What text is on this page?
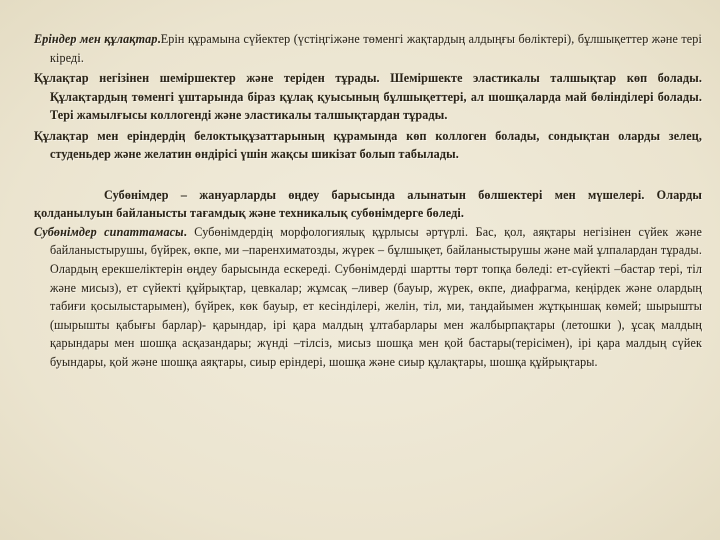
Ерiндер мен құлақтар.Ерін құрамына сүйектер (үстіңгіжәне төменгі жақтардың алдыңғы бөліктері), бұлшықеттер және тері кіреді.

Құлақтар негізінен шеміршектер және теріден тұрады. Шеміршекте эластикалы талшықтар көп болады. Құлақтардың төменгі ұштарында біраз құлақ қуысының бұлшықеттері, ал шошқаларда май бөлінділері болады. Тері жамылғысы коллогенді және эластикалы талшықтардан тұрады.

Құлақтар мен еріндердің белоктықұзаттарының құрамында көп коллоген болады, сондықтан оларды зелец, студеньдер және желатин өндірісі үшін жақсы шикізат болып табылады.

Субөнімдер – жануарларды өңдеу барысында алынатын бөлшектері мен мүшелері. Оларды қолданылуын байланысты тағамдық және техникалық субөнімдерге бөледі.

Субөнімдер сипаттамасы. Субөнімдердің морфологиялық құрлысы әртүрлі. Бас, қол, аяқтары негізінен сүйек және байланыстырушы, бүйрек, өкпе, ми –паренхиматозды, жүрек – бұлшықет, байланыстырушы және май ұлпалардан тұрады. Олардың ерекшеліктерін өңдеу барысында ескереді. Субөнімдерді шартты төрт топқа бөледі: ет-сүйекті –бастар тері, тіл және мисыз), ет сүйекті құйрықтар, цевкалар; жұмсақ –ливер (бауыр, жүрек, өкпе, диафрагма, кеңірдек және олардың табиғи қосылыстарымен), бүйрек, көк бауыр, ет кесінділері, желін, тіл, ми, таңдайымен жұтқыншақ көмей; шырышты (шырышты қабығы барлар)- қарындар, ірі қара малдың ұлтабарлары мен жалбырпақтары (летошки ), ұсақ малдың қарындары мен шошқа асқазандары; жүнді –тілсіз, мисыз шошқа мен қой бастары(терісімен), ірі қара малдың сүйек буындары, қой және шошқа аяқтары, сиыр еріндері, шошқа және сиыр құлақтары, шошқа құйрықтары.
